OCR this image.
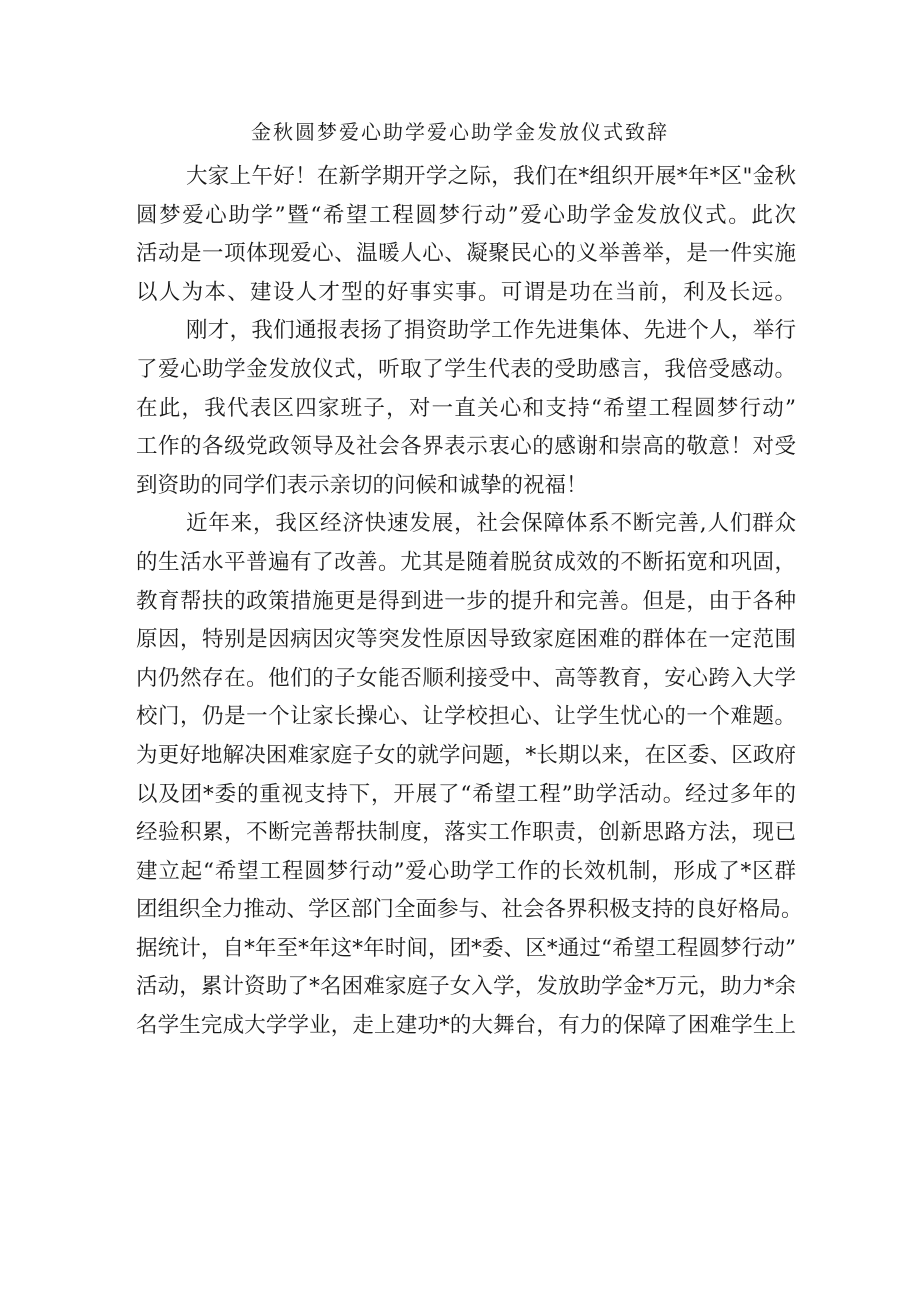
金秋圆梦爱心助学爱心助学金发放仪式致辞
大家上午好！在新学期开学之际，我们在*组织开展*年*区"金秋
圆梦爱心助学”暨“希望工程圆梦行动”爱心助学金发放仪式。此次
活动是一项体现爱心、温暖人心、凝聚民心的义举善举，是一件实施
以人为本、建设人才型的好事实事。可谓是功在当前，利及长远。
刚才，我们通报表扬了捐资助学工作先进集体、先进个人，举行
了爱心助学金发放仪式，听取了学生代表的受助感言，我倍受感动。
在此，我代表区四家班子，对一直关心和支持“希望工程圆梦行动”
工作的各级党政领导及社会各界表示衷心的感谢和崇高的敬意！对受
到资助的同学们表示亲切的问候和诚挚的祝福！
近年来，我区经济快速发展，社会保障体系不断完善,人们群众
的生活水平普遍有了改善。尤其是随着脱贫成效的不断拓宽和巩固，
教育帮扶的政策措施更是得到进一步的提升和完善。但是，由于各种
原因，特别是因病因灾等突发性原因导致家庭困难的群体在一定范围
内仍然存在。他们的子女能否顺利接受中、高等教育，安心跨入大学
校门，仍是一个让家长操心、让学校担心、让学生忧心的一个难题。
为更好地解决困难家庭子女的就学问题，*长期以来，在区委、区政府
以及团*委的重视支持下，开展了“希望工程”助学活动。经过多年的
经验积累，不断完善帮扶制度，落实工作职责，创新思路方法，现已
建立起“希望工程圆梦行动”爱心助学工作的长效机制，形成了*区群
团组织全力推动、学区部门全面参与、社会各界积极支持的良好格局。
据统计，自*年至*年这*年时间，团*委、区*通过“希望工程圆梦行动”
活动，累计资助了*名困难家庭子女入学，发放助学金*万元，助力*余
名学生完成大学学业，走上建功*的大舞台，有力的保障了困难学生上
